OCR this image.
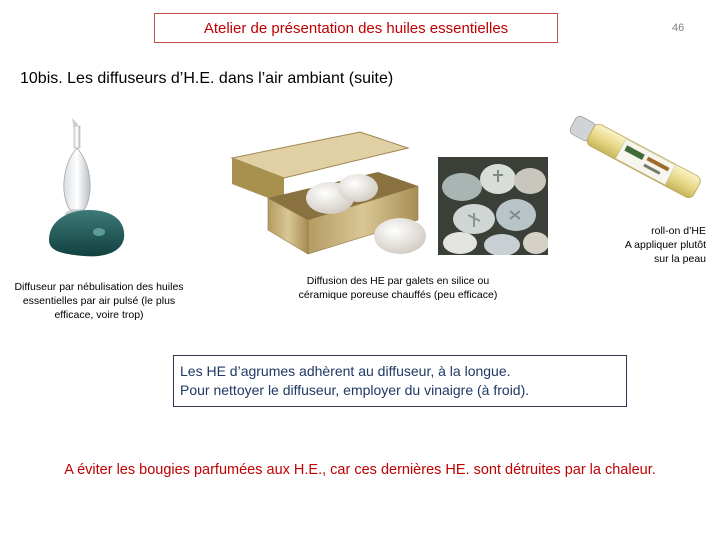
Atelier de présentation des huiles essentielles	46
10bis. Les diffuseurs d’H.E. dans l’air ambiant (suite)
Diffuseur par nébulisation des huiles
essentielles par air pulsé (le plus
efficace, voire trop)
Diffusion des HE par galets en silice ou
céramique poreuse chauffés (peu efficace)
roll-on d’HE
A appliquer plutôt
sur la peau
Les HE d’agrumes adhèrent au diffuseur, à la longue.
Pour nettoyer le diffuseur, employer du vinaigre (à froid).
A éviter les bougies parfumées aux H.E., car ces dernières HE. sont détruites par la chaleur.
